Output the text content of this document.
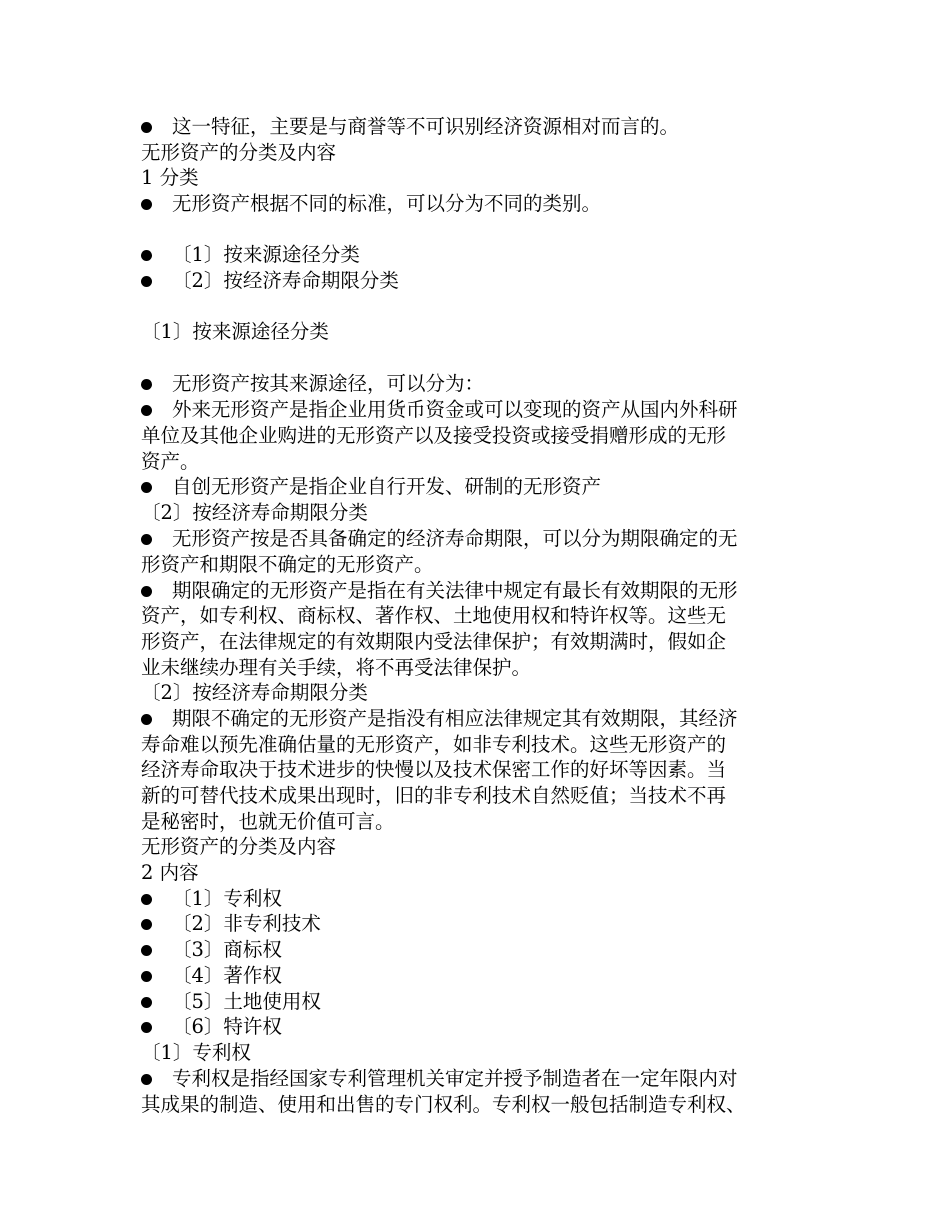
这一特征，主要是与商誉等不可识别经济资源相对而言的。
无形资产的分类及内容
1 分类
无形资产根据不同的标准，可以分为不同的类别。
〔1〕按来源途径分类
〔2〕按经济寿命期限分类
〔1〕按来源途径分类
无形资产按其来源途径，可以分为：
外来无形资产是指企业用货币资金或可以变现的资产从国内外科研
单位及其他企业购进的无形资产以及接受投资或接受捐赠形成的无形
资产。
自创无形资产是指企业自行开发、研制的无形资产
〔2〕按经济寿命期限分类
无形资产按是否具备确定的经济寿命期限，可以分为期限确定的无
形资产和期限不确定的无形资产。
期限确定的无形资产是指在有关法律中规定有最长有效期限的无形
资产，如专利权、商标权、著作权、土地使用权和特许权等。这些无
形资产，在法律规定的有效期限内受法律保护；有效期满时，假如企
业未继续办理有关手续，将不再受法律保护。
〔2〕按经济寿命期限分类
期限不确定的无形资产是指没有相应法律规定其有效期限，其经济
寿命难以预先准确估量的无形资产，如非专利技术。这些无形资产的
经济寿命取决于技术进步的快慢以及技术保密工作的好坏等因素。当
新的可替代技术成果出现时，旧的非专利技术自然贬值；当技术不再
是秘密时，也就无价值可言。
无形资产的分类及内容
2 内容
〔1〕专利权
〔2〕非专利技术
〔3〕商标权
〔4〕著作权
〔5〕土地使用权
〔6〕特许权
〔1〕专利权
专利权是指经国家专利管理机关审定并授予制造者在一定年限内对
其成果的制造、使用和出售的专门权利。专利权一般包括制造专利权、
